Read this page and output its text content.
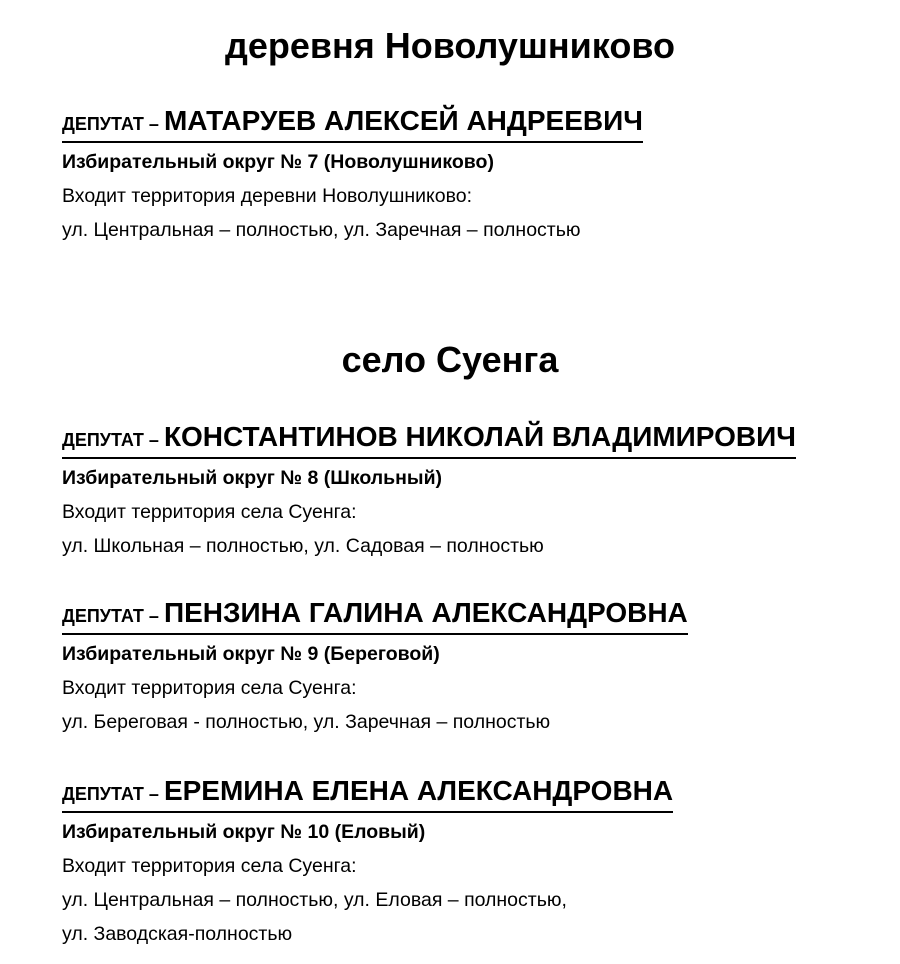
деревня Новолушниково
ДЕПУТАТ – МАТАРУЕВ АЛЕКСЕЙ АНДРЕЕВИЧ
Избирательный округ № 7 (Новолушниково)
Входит территория деревни Новолушниково:
ул. Центральная – полностью, ул. Заречная – полностью
село Суенга
ДЕПУТАТ – КОНСТАНТИНОВ НИКОЛАЙ ВЛАДИМИРОВИЧ
Избирательный округ № 8 (Школьный)
Входит территория села Суенга:
ул. Школьная – полностью, ул. Садовая – полностью
ДЕПУТАТ – ПЕНЗИНА ГАЛИНА АЛЕКСАНДРОВНА
Избирательный округ № 9 (Береговой)
Входит территория села Суенга:
ул. Береговая - полностью, ул. Заречная – полностью
ДЕПУТАТ – ЕРЕМИНА ЕЛЕНА АЛЕКСАНДРОВНА
Избирательный округ № 10 (Еловый)
Входит территория села Суенга:
ул. Центральная – полностью, ул. Еловая – полностью,
ул. Заводская-полностью
